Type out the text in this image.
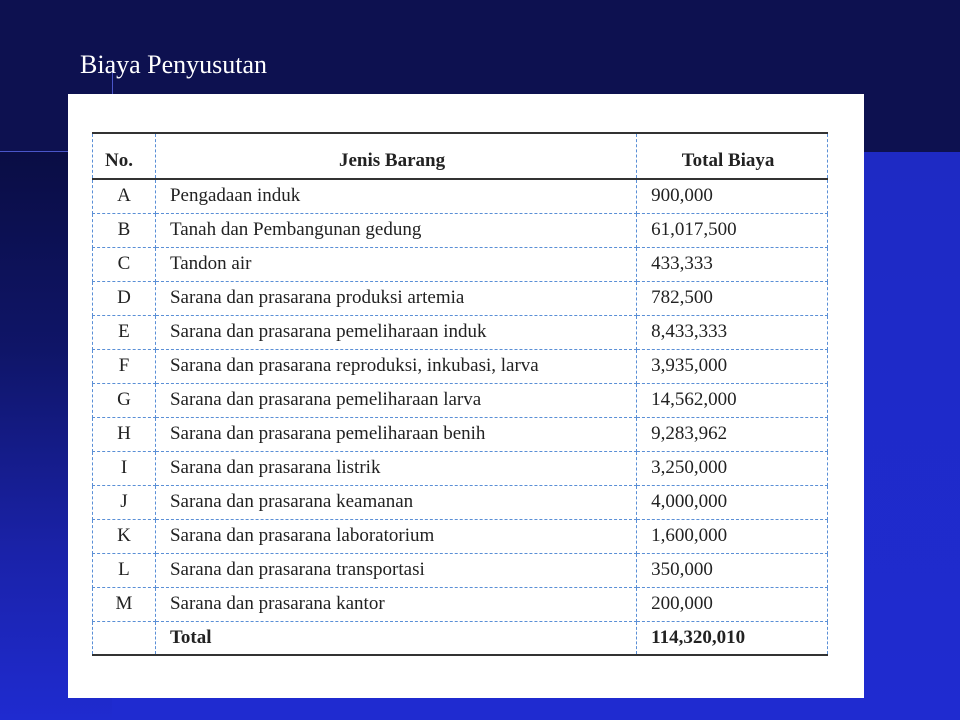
Biaya Penyusutan
No.	Jenis Barang	Total Biaya
A	Pengadaan induk	900,000
B	Tanah dan Pembangunan gedung	61,017,500
C	Tandon air	433,333
D	Sarana dan prasarana produksi artemia	782,500
E	Sarana dan prasarana pemeliharaan induk	8,433,333
F	Sarana dan prasarana reproduksi, inkubasi, larva	3,935,000
G	Sarana dan prasarana pemeliharaan larva	14,562,000
H	Sarana dan prasarana pemeliharaan benih	9,283,962
I	Sarana dan prasarana listrik	3,250,000
J	Sarana dan prasarana keamanan	4,000,000
K	Sarana dan prasarana laboratorium	1,600,000
L	Sarana dan prasarana transportasi	350,000
M	Sarana dan prasarana kantor	200,000
	Total	114,320,010
